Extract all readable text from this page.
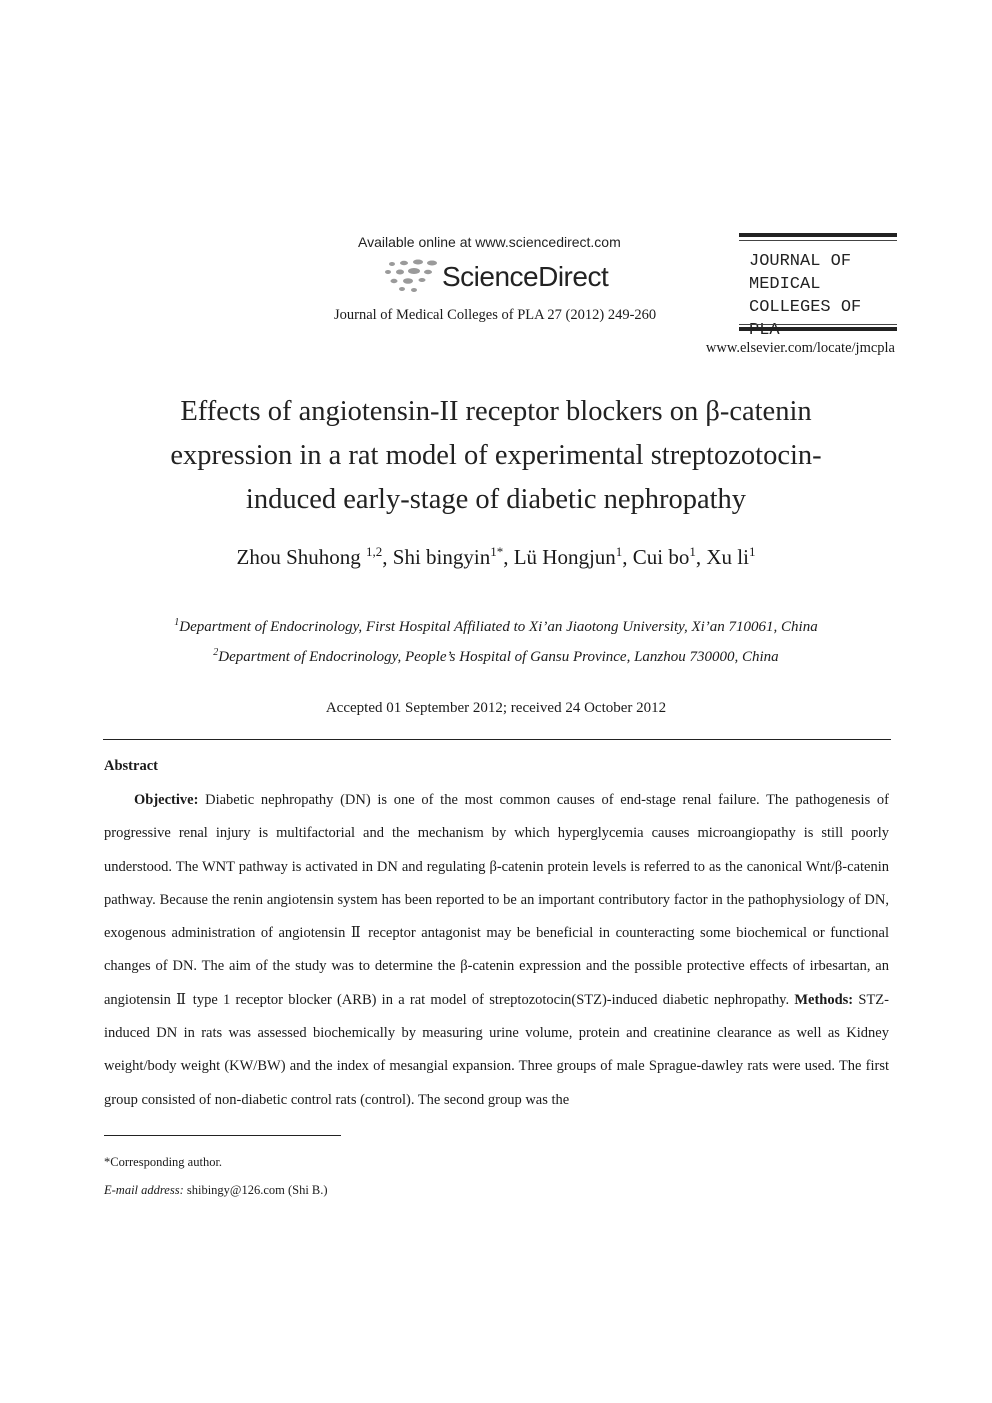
Available online at www.sciencedirect.com
ScienceDirect
Journal of Medical Colleges of PLA 27 (2012) 249-260
JOURNAL OF
MEDICAL
COLLEGES OF
www.elsevier.com/locate/jmcpla
Effects of angiotensin-II receptor blockers on β-catenin
expression in a rat model of experimental streptozotocin-
induced early-stage of diabetic nephropathy
Zhou Shuhong $^{1,2}$, Shi bingyin$^{1*}$, Lü Hongjun$^1$, Cui $bo^1$, Xu $li^1$
$^1$Department of Endocrinology, First Hospital Affiliated to Xi’an Jiaotong University, Xi’an 710061, China
$^2$Department of Endocrinology, People’s Hospital of Gansu Province, Lanzhou 730000, China
Accepted 01 September 2012; received 24 October 2012
Abstract
Objective: Diabetic nephropathy (DN) is one of the most common causes of end-stage renal failure. The pathogenesis of progressive renal injury is multifactorial and the mechanism by which hyperglycemia causes microangiopathy is still poorly understood. The WNT pathway is activated in DN and regulating β-catenin protein levels is referred to as the canonical Wnt/β-catenin pathway. Because the renin angiotensin system has been reported to be an important contributory factor in the pathophysiology of DN, exogenous administration of angiotensin Ⅱ receptor antagonist may be beneficial in counteracting some biochemical or functional changes of DN. The aim of the study was to determine the β-catenin expression and the possible protective effects of irbesartan, an angiotensin Ⅱ type 1 receptor blocker (ARB) in a rat model of streptozotocin(STZ)-induced diabetic nephropathy. Methods: STZ-induced DN in rats was assessed biochemically by measuring urine volume, protein and creatinine clearance as well as Kidney weight/body weight (KW/BW) and the index of mesangial expansion. Three groups of male Sprague-dawley rats were used. The first group consisted of non-diabetic control rats (control). The second group was the
*Corresponding author.
E-mail address: shibingy@126.com (Shi B.)
